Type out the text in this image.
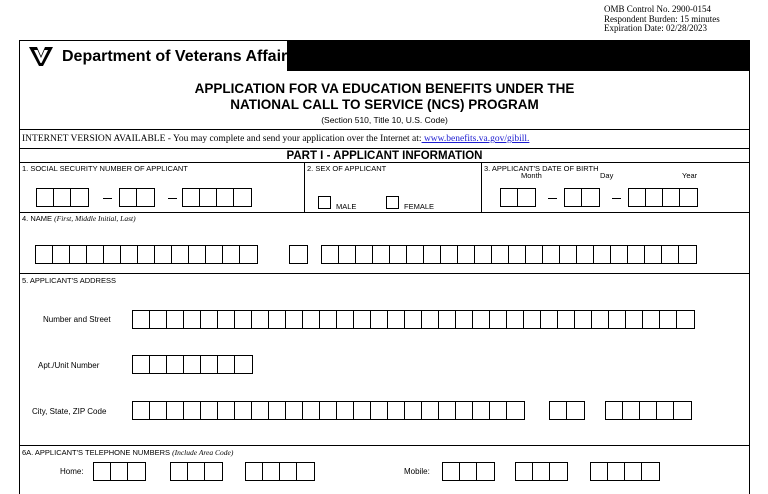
OMB Control No. 2900-0154
Respondent Burden: 15 minutes
Expiration Date: 02/28/2023
Department of Veterans Affairs
APPLICATION FOR VA EDUCATION BENEFITS UNDER THE
NATIONAL CALL TO SERVICE (NCS) PROGRAM
(Section 510, Title 10, U.S. Code)
INTERNET VERSION AVAILABLE - You may complete and send your application over the Internet at: www.benefits.va.gov/gibill.
PART I - APPLICANT INFORMATION
1. SOCIAL SECURITY NUMBER OF APPLICANT	2. SEX OF APPLICANT	3. APPLICANT'S DATE OF BIRTH
Month	Day	Year
MALE	FEMALE
4. NAME (First, Middle Initial, Last)
5. APPLICANT'S ADDRESS
Number and Street
Apt./Unit Number
City, State, ZIP Code
6A. APPLICANT'S TELEPHONE NUMBERS (Include Area Code)
Home:	Mobile:
